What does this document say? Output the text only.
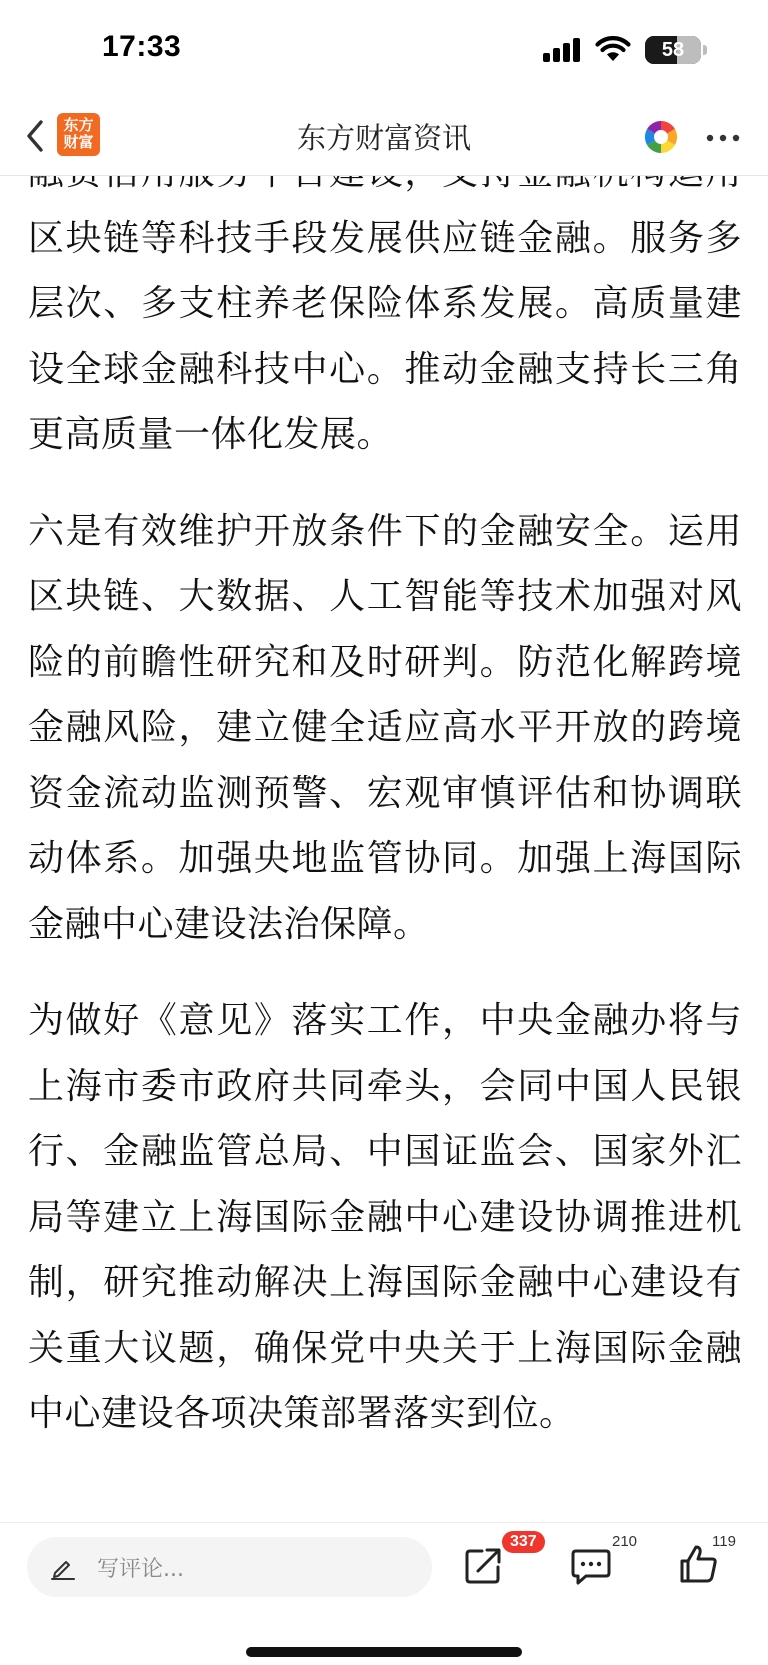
17:33	58
东方财富	东方财富资讯

区块链等科技手段发展供应链金融。服务多层次、多支柱养老保险体系发展。高质量建设全球金融科技中心。推动金融支持长三角更高质量一体化发展。

六是有效维护开放条件下的金融安全。运用区块链、大数据、人工智能等技术加强对风险的前瞻性研究和及时研判。防范化解跨境金融风险，建立健全适应高水平开放的跨境资金流动监测预警、宏观审慎评估和协调联动体系。加强央地监管协同。加强上海国际金融中心建设法治保障。

为做好《意见》落实工作，中央金融办将与上海市委市政府共同牵头，会同中国人民银行、金融监管总局、中国证监会、国家外汇局等建立上海国际金融中心建设协调推进机制，研究推动解决上海国际金融中心建设有关重大议题，确保党中央关于上海国际金融中心建设各项决策部署落实到位。

写评论...
337	210	119
